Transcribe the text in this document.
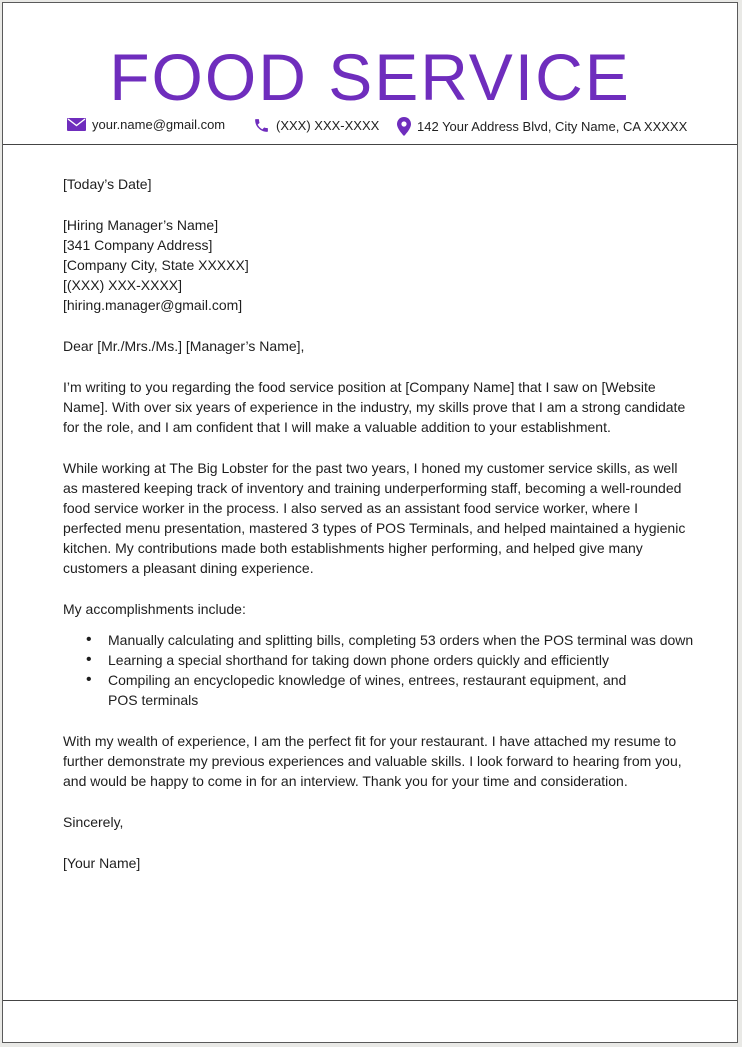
FOOD SERVICE
your.name@gmail.com	(XXX) XXX-XXXX	142 Your Address Blvd, City Name, CA XXXXX

[Today’s Date]

[Hiring Manager’s Name]
[341 Company Address]
[Company City, State XXXXX]
[(XXX) XXX-XXXX]
[hiring.manager@gmail.com]

Dear [Mr./Mrs./Ms.] [Manager’s Name],

I’m writing to you regarding the food service position at [Company Name] that I saw on [Website Name]. With over six years of experience in the industry, my skills prove that I am a strong candidate for the role, and I am confident that I will make a valuable addition to your establishment.

While working at The Big Lobster for the past two years, I honed my customer service skills, as well as mastered keeping track of inventory and training underperforming staff, becoming a well-rounded food service worker in the process. I also served as an assistant food service worker, where I perfected menu presentation, mastered 3 types of POS Terminals, and helped maintained a hygienic kitchen. My contributions made both establishments higher performing, and helped give many customers a pleasant dining experience.

My accomplishments include:

• Manually calculating and splitting bills, completing 53 orders when the POS terminal was down
• Learning a special shorthand for taking down phone orders quickly and efficiently
• Compiling an encyclopedic knowledge of wines, entrees, restaurant equipment, and POS terminals

With my wealth of experience, I am the perfect fit for your restaurant. I have attached my resume to further demonstrate my previous experiences and valuable skills. I look forward to hearing from you, and would be happy to come in for an interview. Thank you for your time and consideration.

Sincerely,

[Your Name]
